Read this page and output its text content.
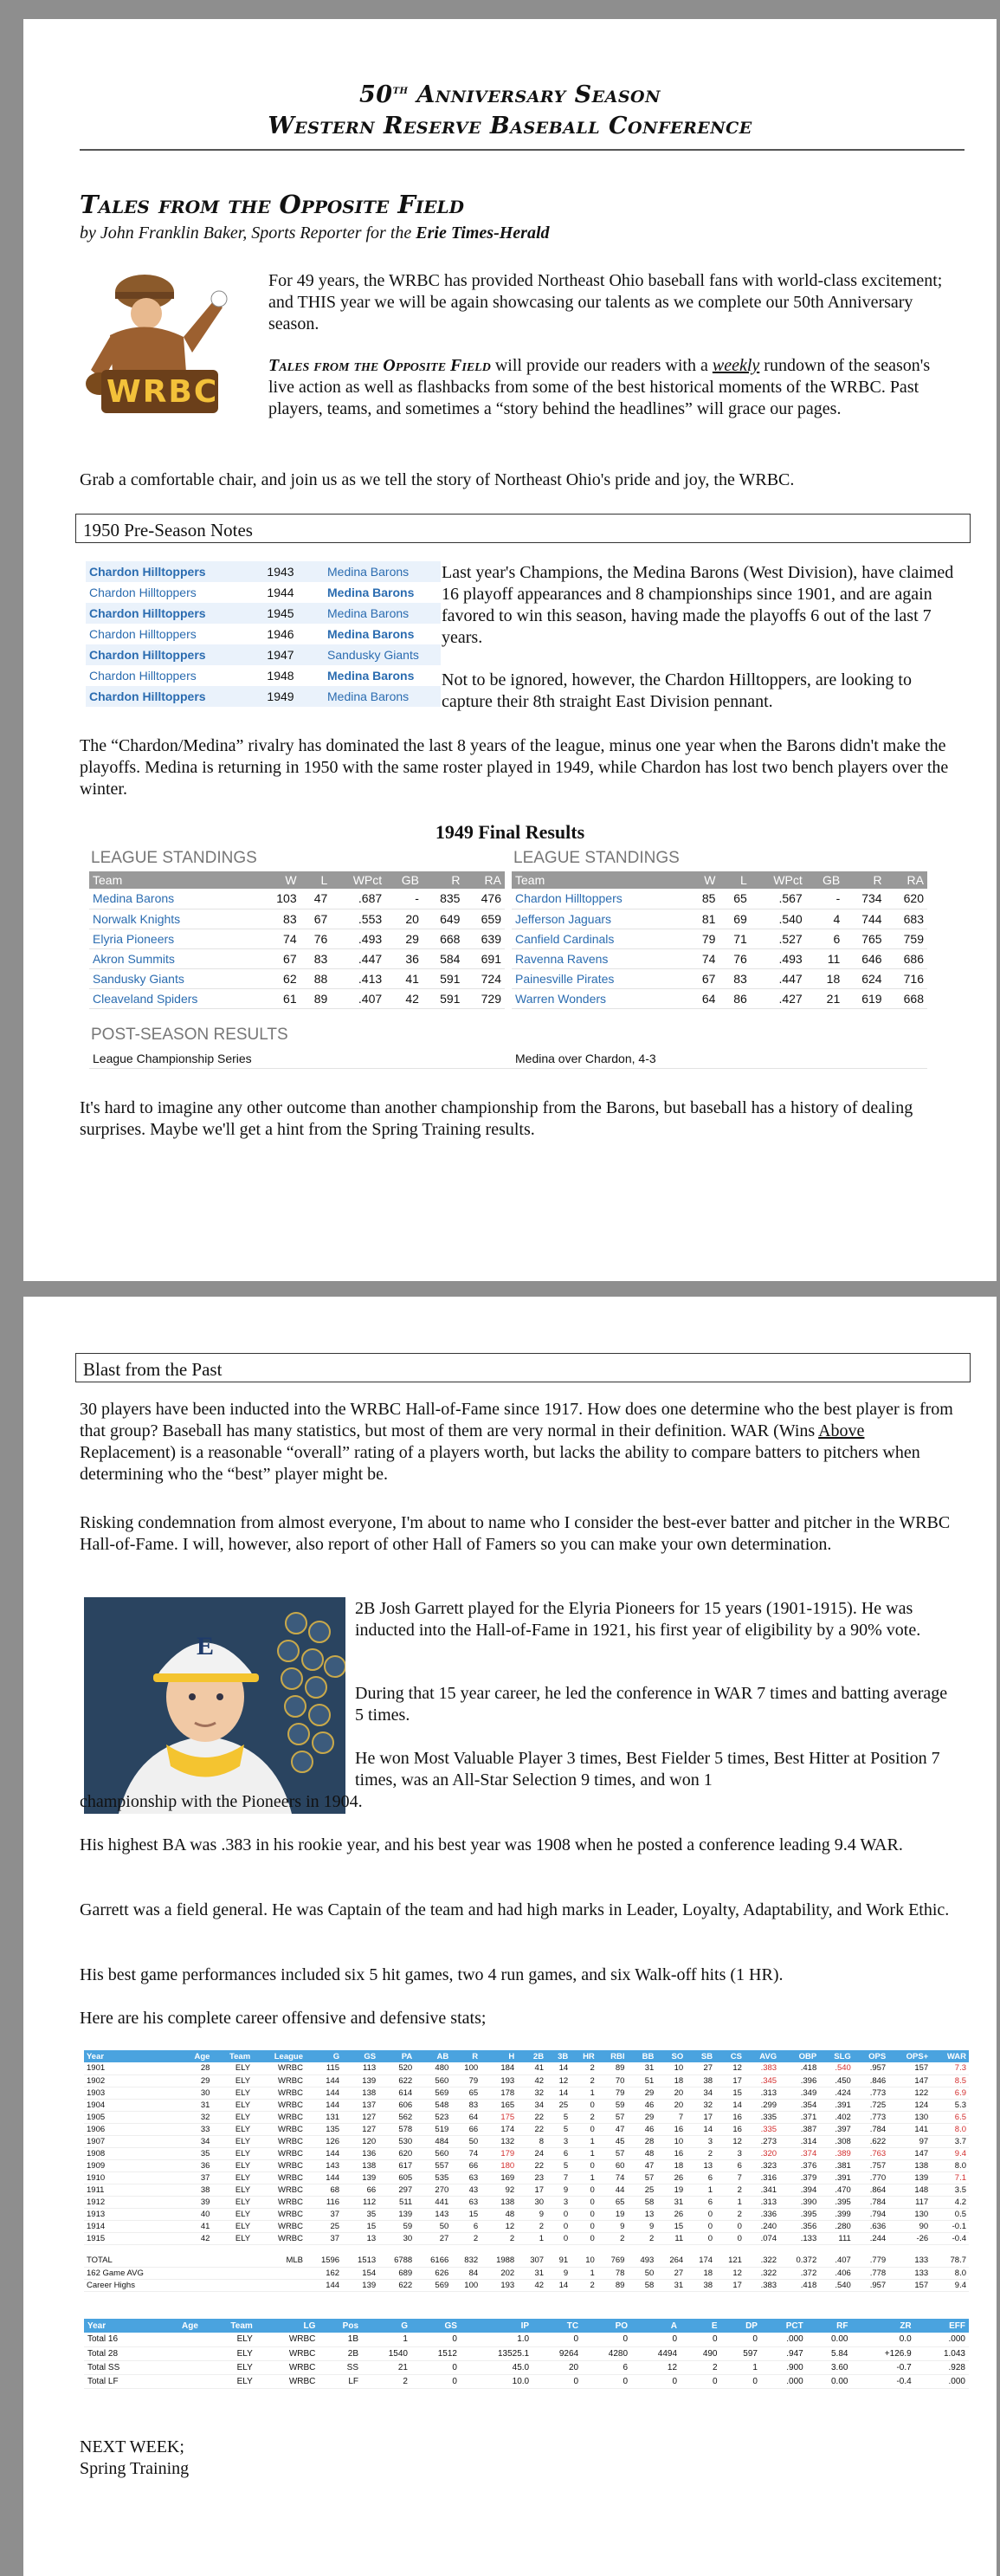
50th Anniversary Season
Western Reserve Baseball Conference
Tales from the Opposite Field
by John Franklin Baker, Sports Reporter for the Erie Times-Herald
WRBC
For 49 years, the WRBC has provided Northeast Ohio baseball fans with world-class excitement; and THIS year we will be again showcasing our talents as we complete our 50th Anniversary season.
Tales from the Opposite Field will provide our readers with a weekly rundown of the season's live action as well as flashbacks from some of the best historical moments of the WRBC. Past players, teams, and sometimes a “story behind the headlines” will grace our pages.
Grab a comfortable chair, and join us as we tell the story of Northeast Ohio's pride and joy, the WRBC.
1950 Pre-Season Notes
Chardon Hilltoppers	1943	Medina Barons
Chardon Hilltoppers	1944	Medina Barons
Chardon Hilltoppers	1945	Medina Barons
Chardon Hilltoppers	1946	Medina Barons
Chardon Hilltoppers	1947	Sandusky Giants
Chardon Hilltoppers	1948	Medina Barons
Chardon Hilltoppers	1949	Medina Barons
Last year's Champions, the Medina Barons (West Division), have claimed 16 playoff appearances and 8 championships since 1901, and are again favored to win this season, having made the playoffs 6 out of the last 7 years.
Not to be ignored, however, the Chardon Hilltoppers, are looking to capture their 8th straight East Division pennant.
The “Chardon/Medina” rivalry has dominated the last 8 years of the league, minus one year when the Barons didn't make the playoffs. Medina is returning in 1950 with the same roster played in 1949, while Chardon has lost two bench players over the winter.
1949 Final Results
LEAGUE STANDINGS	LEAGUE STANDINGS
Team	W	L	WPct	GB	R	RA
Medina Barons	103	47	.687	-	835	476
Norwalk Knights	83	67	.553	20	649	659
Elyria Pioneers	74	76	.493	29	668	639
Akron Summits	67	83	.447	36	584	691
Sandusky Giants	62	88	.413	41	591	724
Cleaveland Spiders	61	89	.407	42	591	729
Team	W	L	WPct	GB	R	RA
Chardon Hilltoppers	85	65	.567	-	734	620
Jefferson Jaguars	81	69	.540	4	744	683
Canfield Cardinals	79	71	.527	6	765	759
Ravenna Ravens	74	76	.493	11	646	686
Painesville Pirates	67	83	.447	18	624	716
Warren Wonders	64	86	.427	21	619	668
POST-SEASON RESULTS
League Championship Series	Medina over Chardon, 4-3
It's hard to imagine any other outcome than another championship from the Barons, but baseball has a history of dealing surprises. Maybe we'll get a hint from the Spring Training results.
Blast from the Past
30 players have been inducted into the WRBC Hall-of-Fame since 1917. How does one determine who the best player is from that group? Baseball has many statistics, but most of them are very normal in their definition. WAR (Wins Above Replacement) is a reasonable “overall” rating of a players worth, but lacks the ability to compare batters to pitchers when determining who the “best” player might be.
Risking condemnation from almost everyone, I'm about to name who I consider the best-ever batter and pitcher in the WRBC Hall-of-Fame. I will, however, also report of other Hall of Famers so you can make your own determination.
E
2B Josh Garrett played for the Elyria Pioneers for 15 years (1901-1915). He was inducted into the Hall-of-Fame in 1921, his first year of eligibility by a 90% vote.
During that 15 year career, he led the conference in WAR 7 times and batting average 5 times.
He won Most Valuable Player 3 times, Best Fielder 5 times, Best Hitter at Position 7 times, was an All-Star Selection 9 times, and won 1
championship with the Pioneers in 1904.
His highest BA was .383 in his rookie year, and his best year was 1908 when he posted a conference leading 9.4 WAR.
Garrett was a field general. He was Captain of the team and had high marks in Leader, Loyalty, Adaptability, and Work Ethic.
His best game performances included six 5 hit games, two 4 run games, and six Walk-off hits (1 HR).
Here are his complete career offensive and defensive stats;
Year	Age	Team	League	G	GS	PA	AB	R	H	2B	3B	HR	RBI	BB	SO	SB	CS	AVG	OBP	SLG	OPS	OPS+	WAR
1901	28	ELY	WRBC	115	113	520	480	100	184	41	14	2	89	31	10	27	12	.383	.418	.540	.957	157	7.3
1902	29	ELY	WRBC	144	139	622	560	79	193	42	12	2	70	51	18	38	17	.345	.396	.450	.846	147	8.5
1903	30	ELY	WRBC	144	138	614	569	65	178	32	14	1	79	29	20	34	15	.313	.349	.424	.773	122	6.9
1904	31	ELY	WRBC	144	137	606	548	83	165	34	25	0	59	46	20	32	14	.299	.354	.391	.725	124	5.3
1905	32	ELY	WRBC	131	127	562	523	64	175	22	5	2	57	29	7	17	16	.335	.371	.402	.773	130	6.5
1906	33	ELY	WRBC	135	127	578	519	66	174	22	5	0	47	46	16	14	16	.335	.387	.397	.784	141	8.0
1907	34	ELY	WRBC	126	120	530	484	50	132	8	3	1	45	28	10	3	12	.273	.314	.308	.622	97	3.7
1908	35	ELY	WRBC	144	136	620	560	74	179	24	6	1	57	48	16	2	3	.320	.374	.389	.763	147	9.4
1909	36	ELY	WRBC	143	138	617	557	66	180	22	5	0	60	47	18	13	6	.323	.376	.381	.757	138	8.0
1910	37	ELY	WRBC	144	139	605	535	63	169	23	7	1	74	57	26	6	7	.316	.379	.391	.770	139	7.1
1911	38	ELY	WRBC	68	66	297	270	43	92	17	9	0	44	25	19	1	2	.341	.394	.470	.864	148	3.5
1912	39	ELY	WRBC	116	112	511	441	63	138	30	3	0	65	58	31	6	1	.313	.390	.395	.784	117	4.2
1913	40	ELY	WRBC	37	35	139	143	15	48	9	0	0	19	13	26	0	2	.336	.395	.399	.794	130	0.5
1914	41	ELY	WRBC	25	15	59	50	6	12	2	0	0	9	9	15	0	0	.240	.356	.280	.636	90	-0.1
1915	42	ELY	WRBC	37	13	30	27	2	2	1	0	0	2	2	11	0	0	.074	.133	111	.244	-26	-0.4

TOTAL			MLB	1596	1513	6788	6166	832	1988	307	91	10	769	493	264	174	121	.322	0.372	.407	.779	133	78.7
162 Game AVG				162	154	689	626	84	202	31	9	1	78	50	27	18	12	.322	.372	.406	.778	133	8.0
Career Highs				144	139	622	569	100	193	42	14	2	89	58	31	38	17	.383	.418	.540	.957	157	9.4
Year	Age	Team	LG	Pos	G	GS	IP	TC	PO	A	E	DP	PCT	RF	ZR	EFF
Total 16		ELY	WRBC	1B	1	0	1.0	0	0	0	0	0	.000	0.00	0.0	.000
Total 28		ELY	WRBC	2B	1540	1512	13525.1	9264	4280	4494	490	597	.947	5.84	+126.9	1.043
Total SS		ELY	WRBC	SS	21	0	45.0	20	6	12	2	1	.900	3.60	-0.7	.928
Total LF		ELY	WRBC	LF	2	0	10.0	0	0	0	0	0	.000	0.00	-0.4	.000
NEXT WEEK;
Spring Training
